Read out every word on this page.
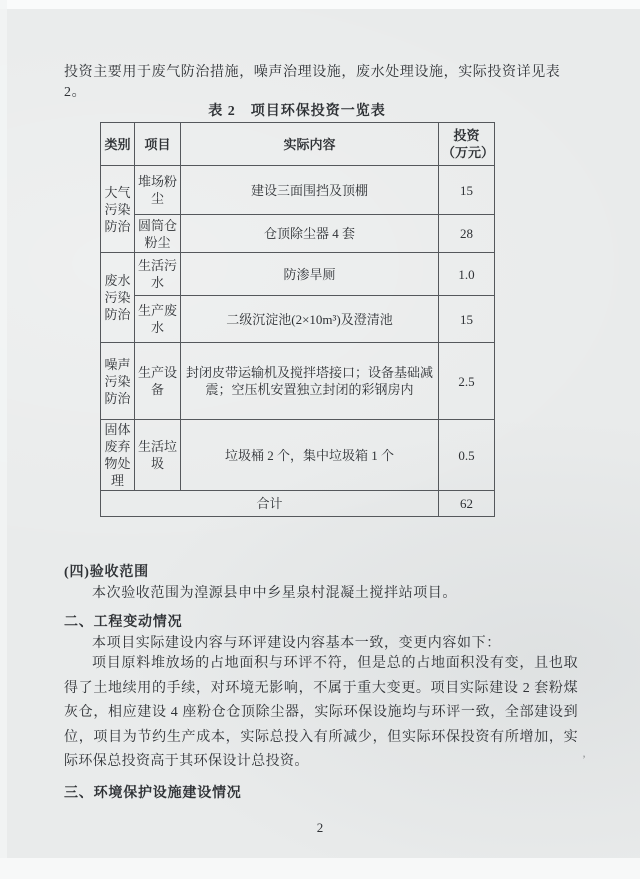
投资主要用于废气防治措施，噪声治理设施，废水处理设施，实际投资详见表 2。
表 2　项目环保投资一览表
类别	项目	实际内容	投资
（万元）

大气污染防治	堆场粉尘	建设三面围挡及顶棚	15
	圆筒仓粉尘	仓顶除尘器 4 套	28
废水污染防治	生活污水	防渗旱厕	1.0
	生产废水	二级沉淀池(2×10m³)及澄清池	15
噪声污染防治	生产设备	封闭皮带运输机及搅拌塔接口；设备基础减震；空压机安置独立封闭的彩钢房内	2.5
固体废弃物处理	生活垃圾	垃圾桶 2 个，集中垃圾箱 1 个	0.5
合计			62
(四)验收范围
本次验收范围为湟源县申中乡星泉村混凝土搅拌站项目。
二、工程变动情况
本项目实际建设内容与环评建设内容基本一致，变更内容如下：
项目原料堆放场的占地面积与环评不符，但是总的占地面积没有变，且也取得了土地续用的手续，对环境无影响，不属于重大变更。项目实际建设 2 套粉煤灰仓，相应建设 4 座粉仓仓顶除尘器，实际环保设施均与环评一致，全部建设到位，项目为节约生产成本，实际总投入有所减少，但实际环保投资有所增加，实际环保总投资高于其环保设计总投资。
三、环境保护设施建设情况
’
2
